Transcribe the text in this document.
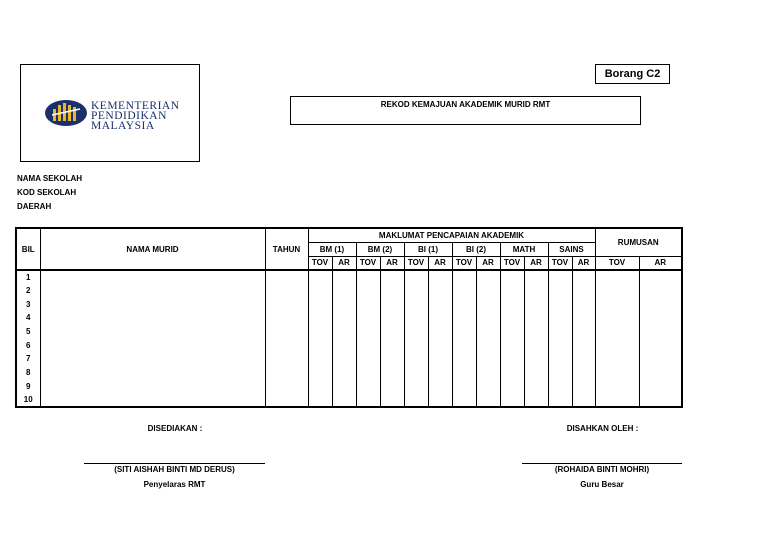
KEMENTERIAN
PENDIDIKAN
MALAYSIA
Borang C2
REKOD KEMAJUAN AKADEMIK MURID RMT
NAMA SEKOLAH
KOD SEKOLAH
DAERAH
BIL	NAMA MURID	TAHUN	MAKLUMAT PENCAPAIAN AKADEMIK												RUMUSAN	
			BM (1)		BM (2)		BI (1)		BI (2)		MATH		SAINS			
			TOV	AR	TOV	AR	TOV	AR	TOV	AR	TOV	AR	TOV	AR	TOV	AR
1																
2																
3																
4																
5																
6																
7																
8																
9																
10																
DISEDIAKAN :	DISAHKAN OLEH :
(SITI AISHAH BINTI MD DERUS)
Penyelaras RMT
(ROHAIDA BINTI MOHRI)
Guru Besar
